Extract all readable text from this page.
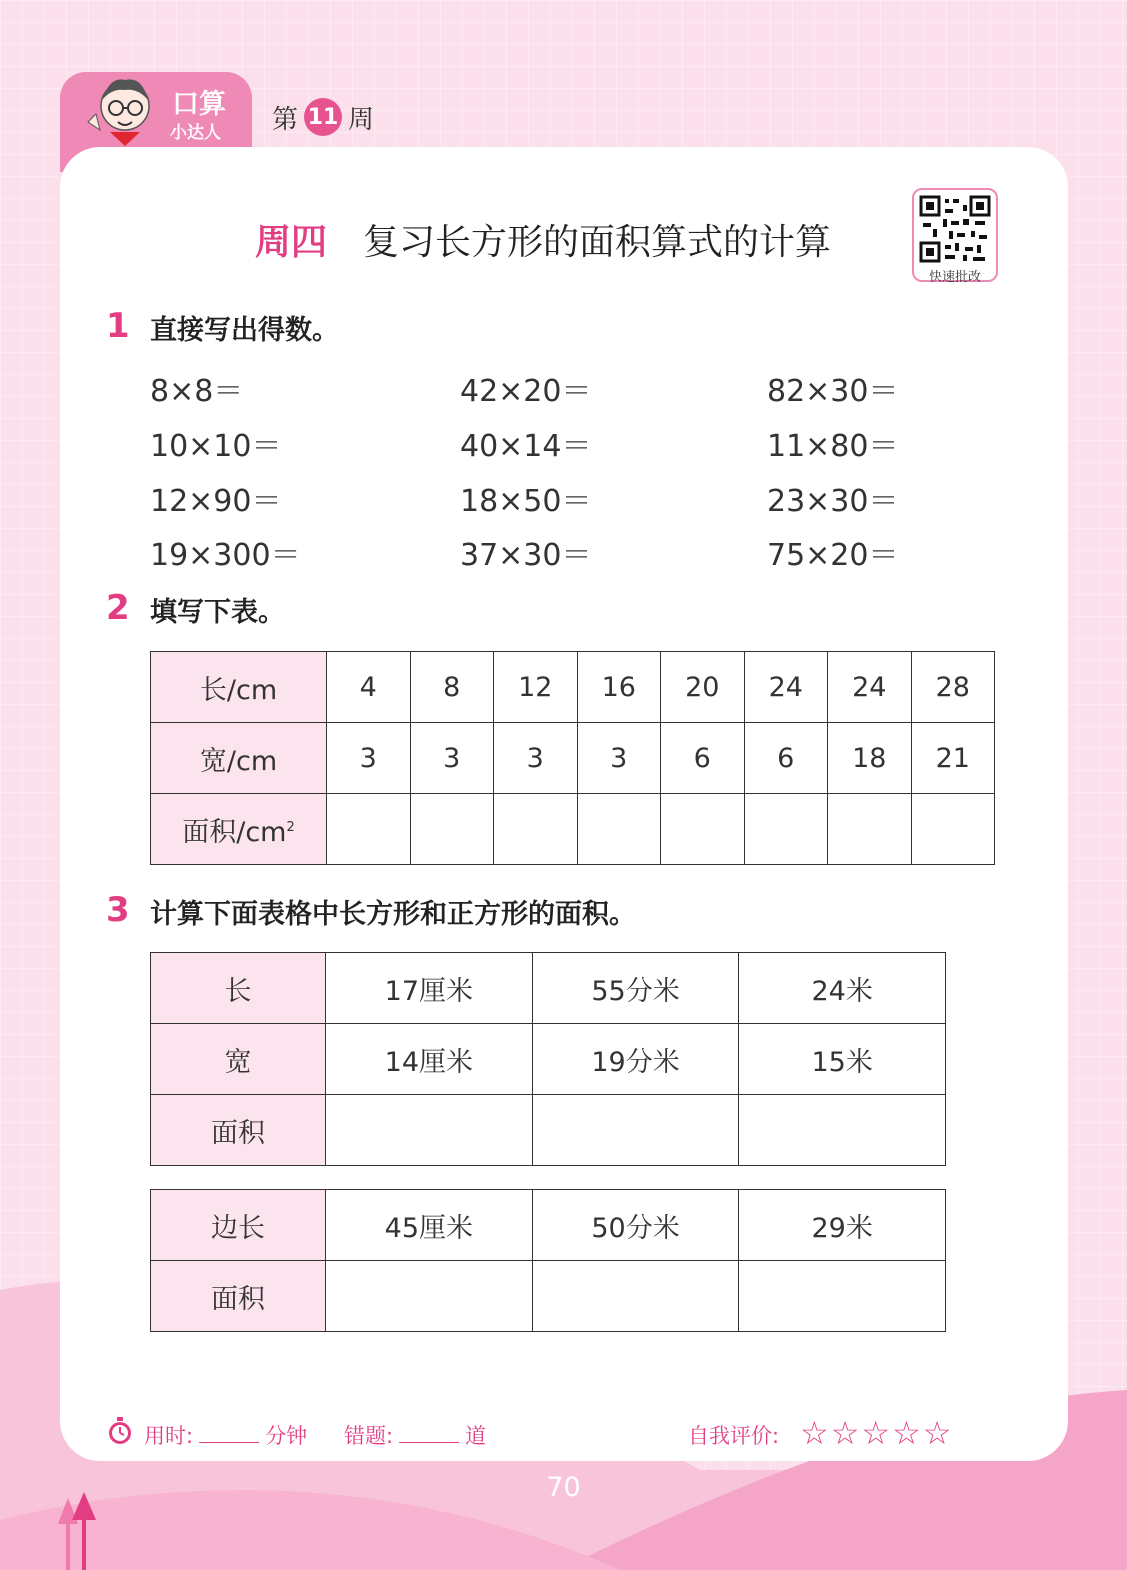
口算
小达人 第 11 周
周四 复习长方形的面积算式的计算
快速批改
1 直接写出得数。
8×8＝	42×20＝	82×30＝
10×10＝	40×14＝	11×80＝
12×90＝	18×50＝	23×30＝
19×300＝	37×30＝	75×20＝
2 填写下表。
长/cm	4	8	12	16	20	24	24	28
宽/cm	3	3	3	3	6	6	18	21
面积$/cm^2$								
3 计算下面表格中长方形和正方形的面积。
长	17厘米	55分米	24米
宽	14厘米	19分米	15米
面积			
边长	45厘米	50分米	29米
面积			
用时:	分钟 错题:	道	自我评价: ☆☆☆☆☆
70
